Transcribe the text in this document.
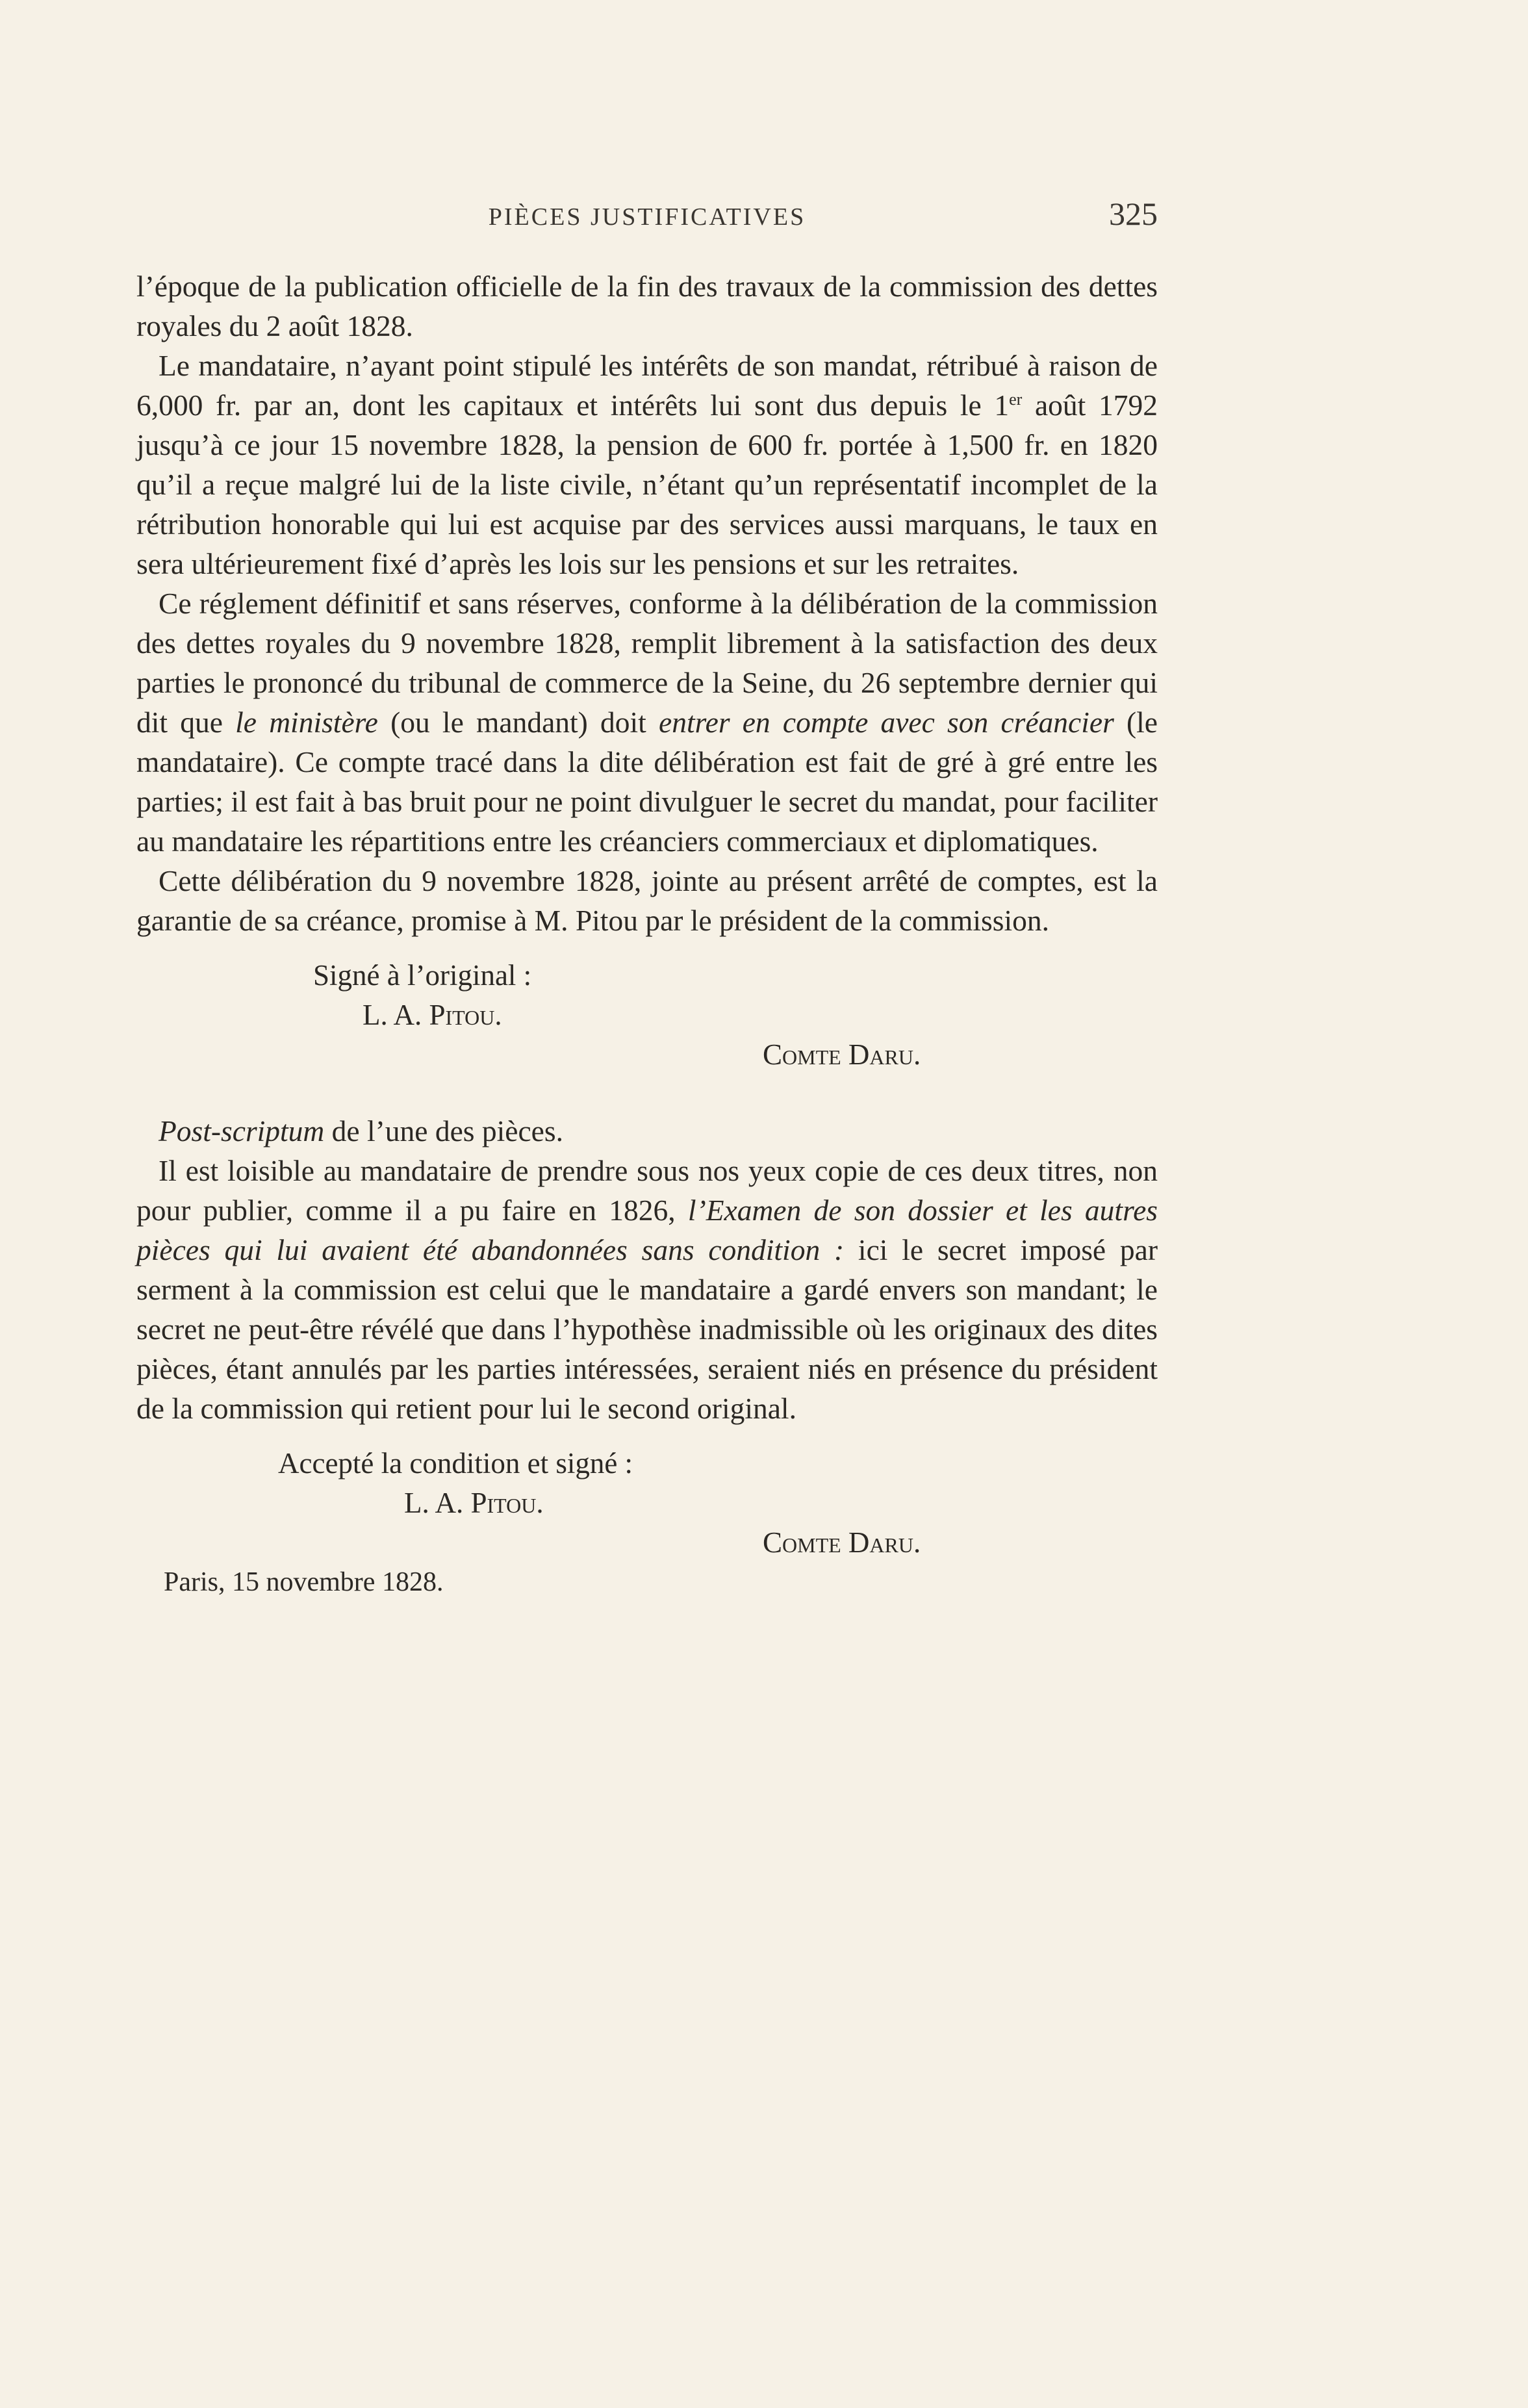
PIÈCES JUSTIFICATIVES	325

l’époque de la publication officielle de la fin des travaux de la commission des dettes royales du 2 août 1828.

Le mandataire, n’ayant point stipulé les intérêts de son mandat, rétribué à raison de 6,000 fr. par an, dont les capitaux et intérêts lui sont dus depuis le 1er août 1792 jusqu’à ce jour 15 novembre 1828, la pension de 600 fr. portée à 1,500 fr. en 1820 qu’il a reçue malgré lui de la liste civile, n’étant qu’un représentatif incomplet de la rétribution honorable qui lui est acquise par des services aussi marquans, le taux en sera ultérieurement fixé d’après les lois sur les pensions et sur les retraites.

Ce réglement définitif et sans réserves, conforme à la délibération de la commission des dettes royales du 9 novembre 1828, remplit librement à la satisfaction des deux parties le prononcé du tribunal de commerce de la Seine, du 26 septembre dernier qui dit que le ministère (ou le mandant) doit entrer en compte avec son créancier (le mandataire). Ce compte tracé dans la dite délibération est fait de gré à gré entre les parties; il est fait à bas bruit pour ne point divulguer le secret du mandat, pour faciliter au mandataire les répartitions entre les créanciers commerciaux et diplomatiques.

Cette délibération du 9 novembre 1828, jointe au présent arrêté de comptes, est la garantie de sa créance, promise à M. Pitou par le président de la commission.

Signé à l’original :
L. A. Pitou.
Comte Daru.

Post-scriptum de l’une des pièces.

Il est loisible au mandataire de prendre sous nos yeux copie de ces deux titres, non pour publier, comme il a pu faire en 1826, l’Examen de son dossier et les autres pièces qui lui avaient été abandonnées sans condition : ici le secret imposé par serment à la commission est celui que le mandataire a gardé envers son mandant; le secret ne peut-être révélé que dans l’hypothèse inadmissible où les originaux des dites pièces, étant annulés par les parties intéressées, seraient niés en présence du président de la commission qui retient pour lui le second original.

Accepté la condition et signé :
L. A. Pitou.
Comte Daru.
Paris, 15 novembre 1828.
